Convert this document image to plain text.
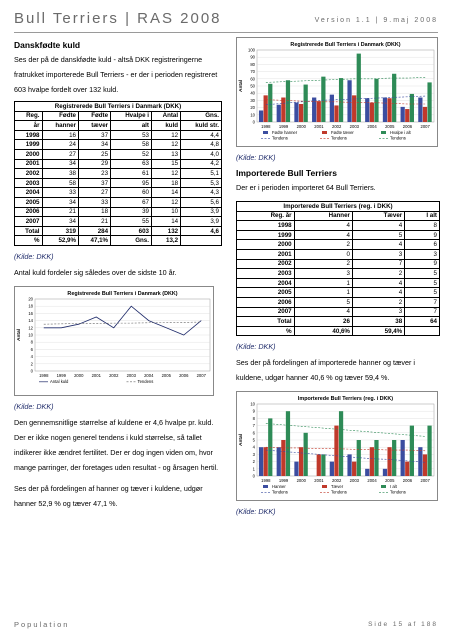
Bull Terriers | RAS 2008	Version 1.1 | 9.maj 2008
Danskfødte kuld

Ses der på de danskfødte kuld - altså DKK registreringerne fratrukket importerede Bull Terriers - er der i perioden registreret 603 hvalpe fordelt over 132 kuld.

Registrerede Bull Terriers i Danmark (DKK)					
Reg.	Fødte	Fødte	Hvalpe i	Antal	Gns.
år	hanner	tæver	alt	kuld	kuld str.
1998	16	37	53	12	4,4
1999	24	34	58	12	4,8
2000	27	25	52	13	4,0
2001	34	29	63	15	4,2
2002	38	23	61	12	5,1
2003	58	37	95	18	5,3
2004	33	27	60	14	4,3
2005	34	33	67	12	5,6
2006	21	18	39	10	3,9
2007	34	21	55	14	3,9
Total	319	284	603	132	4,6
%	52,9%	47,1%	Gns.	13,2	

(Kilde: DKK)

Antal kuld fordeler sig således over de sidste 10 år.

Registrerede Bull Terriers i Danmark (DKK)
Antal
0
2
4
6
8
10
12
14
16
18
20
1998 1999 2000 2001 2002 2003 2004 2005 2006 2007
Antal kuld	Tendens

(Kilde: DKK)

Den gennemsnitlige størrelse af kuldene er 4,6 hvalpe pr. kuld. Der er ikke nogen generel tendens i kuld størrelse, så tallet indikerer ikke ændret fertilitet. Der er dog ingen viden om, hvor mange parringer, der foretages uden resultat - og årsagen hertil.

Ses der på fordelingen af hanner og tæver i kuldene, udgør hanner 52,9 % og tæver 47,1 %.

Registrerede Bull Terriers i Danmark (DKK)
Antal
0
10
20
30
40
50
60
70
80
90
100
1998 1999 2000 2001 2002 2003 2004 2005 2006 2007
Fødte hanner	Fødte tæver	Hvalpe i alt
Tendens	Tendens	Tendens

(Kilde: DKK)

Importerede Bull Terriers

Der er i perioden importeret 64 Bull Terriers.

Importerede Bull Terriers (reg. i DKK)			
Reg. år	Hanner	Tæver	I alt
1998	4	4	8
1999	4	5	9
2000	2	4	6
2001	0	3	3
2002	2	7	9
2003	3	2	5
2004	1	4	5
2005	1	4	5
2006	5	2	7
2007	4	3	7
Total	26	38	64
%	40,6%	59,4%	

(Kilde: DKK)

Ses der på fordelingen af importerede hanner og tæver i kuldene, udgør hanner 40,6 % og tæver 59,4 %.

Importerede Bull Terriers (reg. i DKK)
Antal
0
1
2
3
4
5
6
7
8
9
10
1998 1999 2000 2001 2002 2003 2004 2005 2006 2007
Hanner	Tæver	I alt
Tendens	Tendens	Tendens

(Kilde: DKK)

Population	Side 15 af 188
